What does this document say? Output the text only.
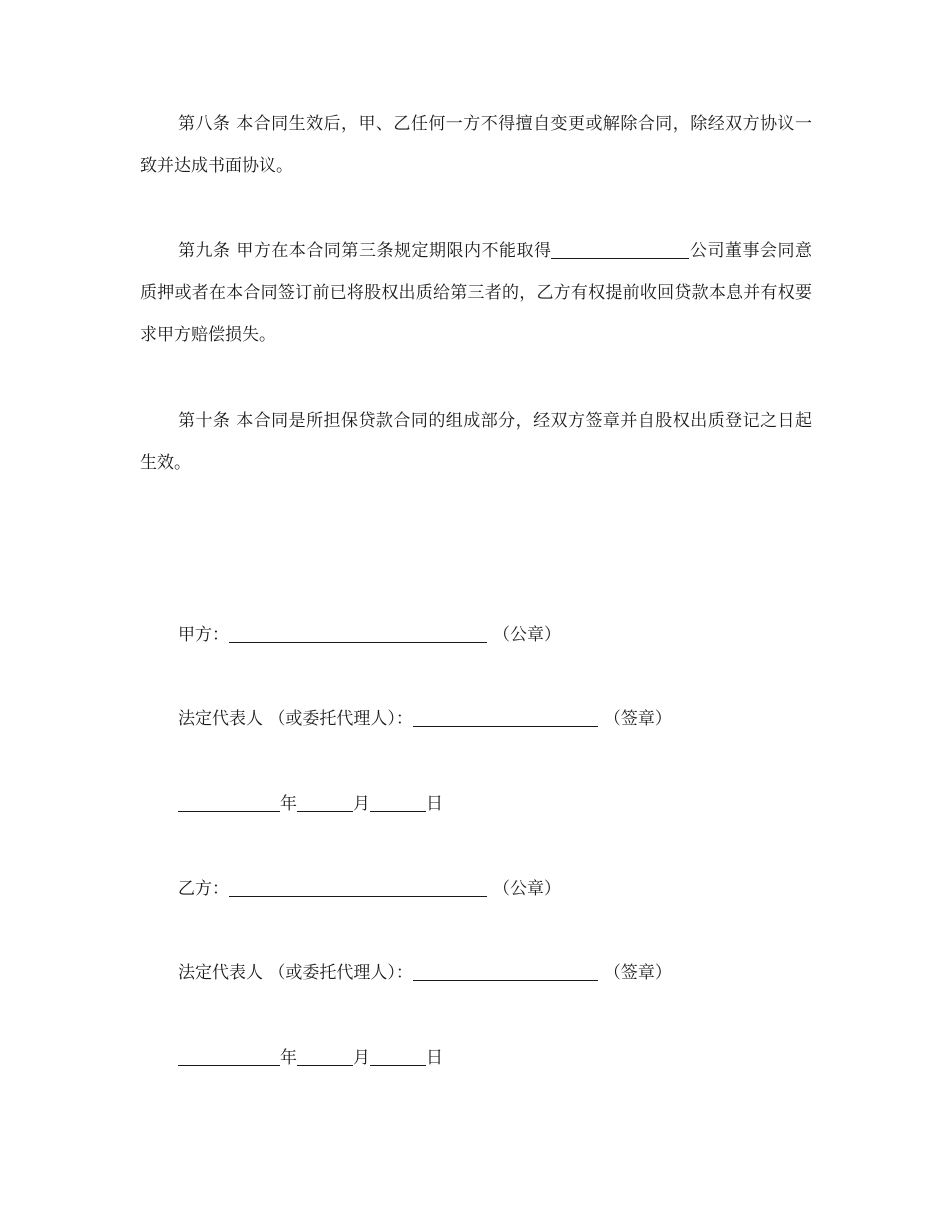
第八条 本合同生效后，甲、乙任何一方不得擅自变更或解除合同，除经双方协议一致并达成书面协议。

第九条 甲方在本合同第三条规定期限内不能取得	公司董事会同意质押或者在本合同签订前已将股权出质给第三者的，乙方有权提前收回贷款本息并有权要求甲方赔偿损失。

第十条 本合同是所担保贷款合同的组成部分，经双方签章并自股权出质登记之日起生效。

甲方：	（公章）

法定代表人 （或委托代理人）：	（签章）

年	月	日

乙方：	（公章）

法定代表人 （或委托代理人）：	（签章）

年	月	日
